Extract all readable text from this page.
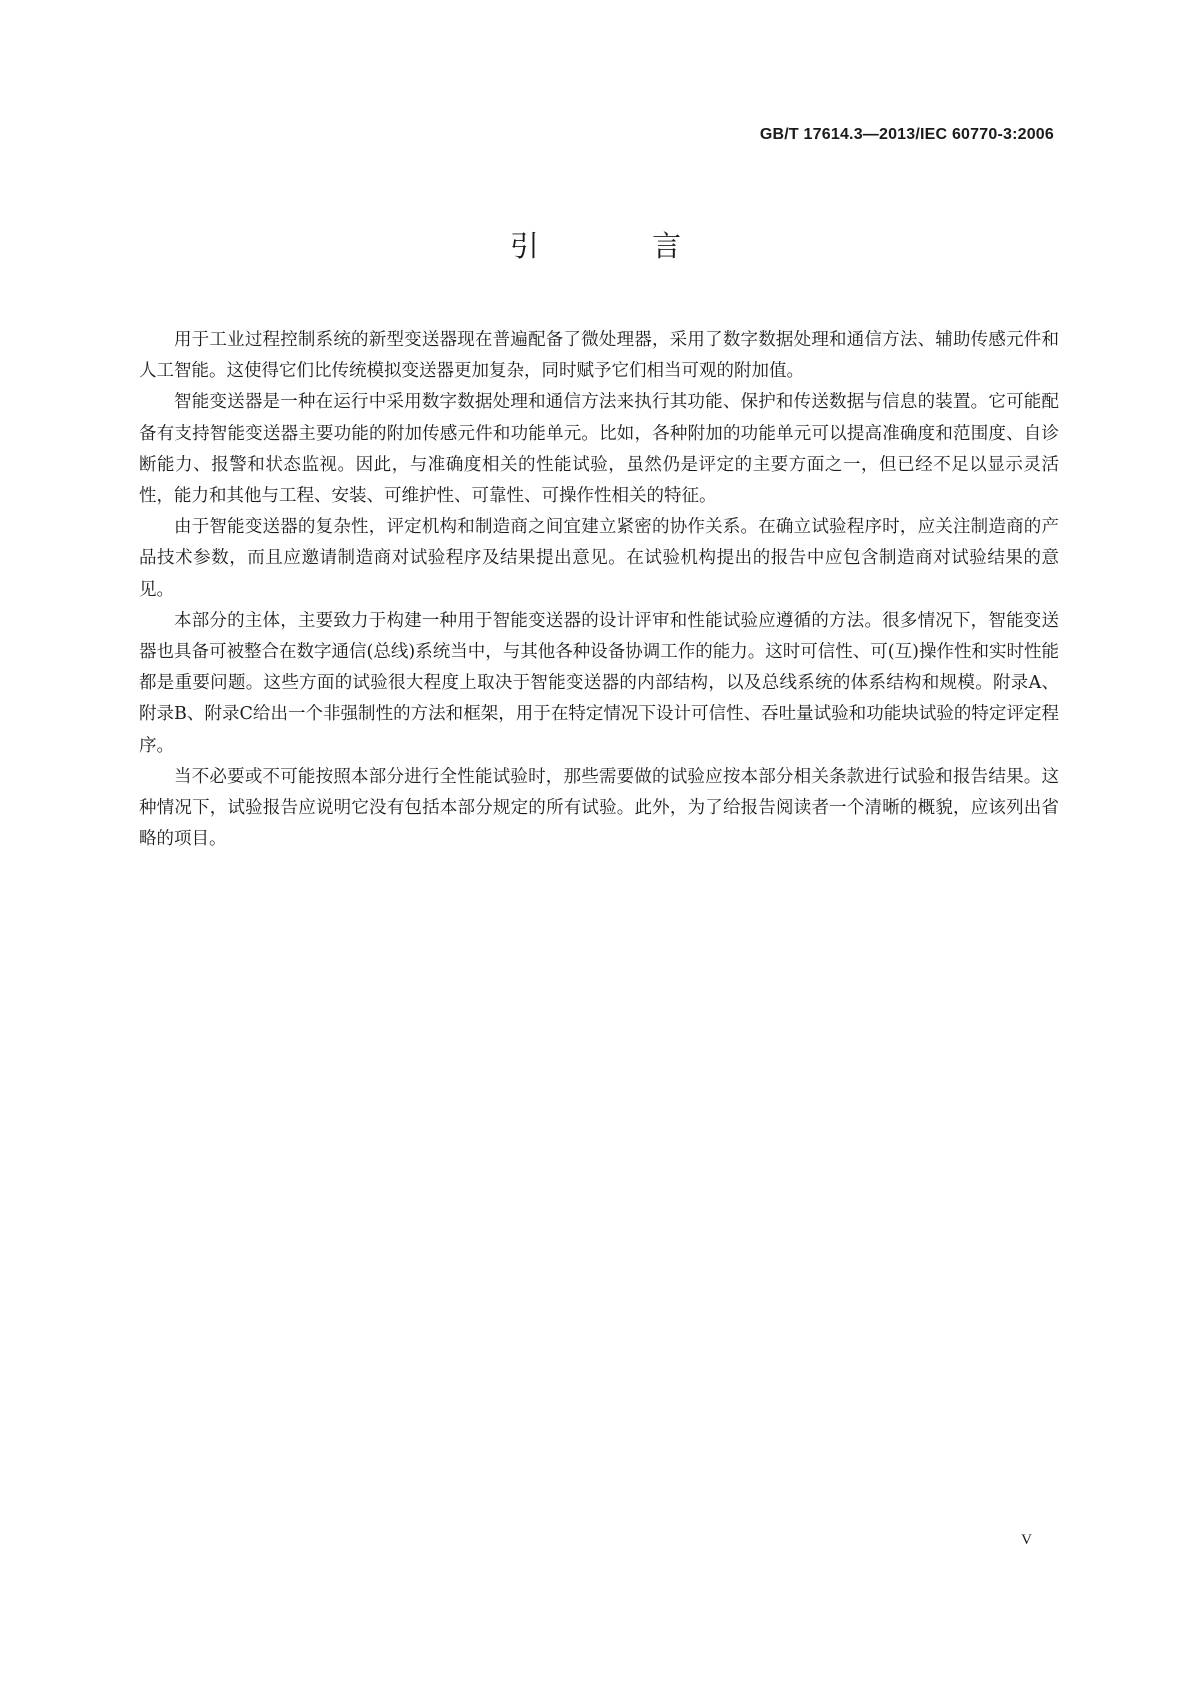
GB/T 17614.3—2013/IEC 60770-3:2006
引 言

用于工业过程控制系统的新型变送器现在普遍配备了微处理器，采用了数字数据处理和通信方法、辅助传感元件和人工智能。这使得它们比传统模拟变送器更加复杂，同时赋予它们相当可观的附加值。

智能变送器是一种在运行中采用数字数据处理和通信方法来执行其功能、保护和传送数据与信息的装置。它可能配备有支持智能变送器主要功能的附加传感元件和功能单元。比如，各种附加的功能单元可以提高准确度和范围度、自诊断能力、报警和状态监视。因此，与准确度相关的性能试验，虽然仍是评定的主要方面之一，但已经不足以显示灵活性，能力和其他与工程、安装、可维护性、可靠性、可操作性相关的特征。

由于智能变送器的复杂性，评定机构和制造商之间宜建立紧密的协作关系。在确立试验程序时，应关注制造商的产品技术参数，而且应邀请制造商对试验程序及结果提出意见。在试验机构提出的报告中应包含制造商对试验结果的意见。

本部分的主体，主要致力于构建一种用于智能变送器的设计评审和性能试验应遵循的方法。很多情况下，智能变送器也具备可被整合在数字通信(总线)系统当中，与其他各种设备协调工作的能力。这时可信性、可(互)操作性和实时性能都是重要问题。这些方面的试验很大程度上取决于智能变送器的内部结构，以及总线系统的体系结构和规模。附录A、附录B、附录C给出一个非强制性的方法和框架，用于在特定情况下设计可信性、吞吐量试验和功能块试验的特定评定程序。

当不必要或不可能按照本部分进行全性能试验时，那些需要做的试验应按本部分相关条款进行试验和报告结果。这种情况下，试验报告应说明它没有包括本部分规定的所有试验。此外，为了给报告阅读者一个清晰的概貌，应该列出省略的项目。

V
